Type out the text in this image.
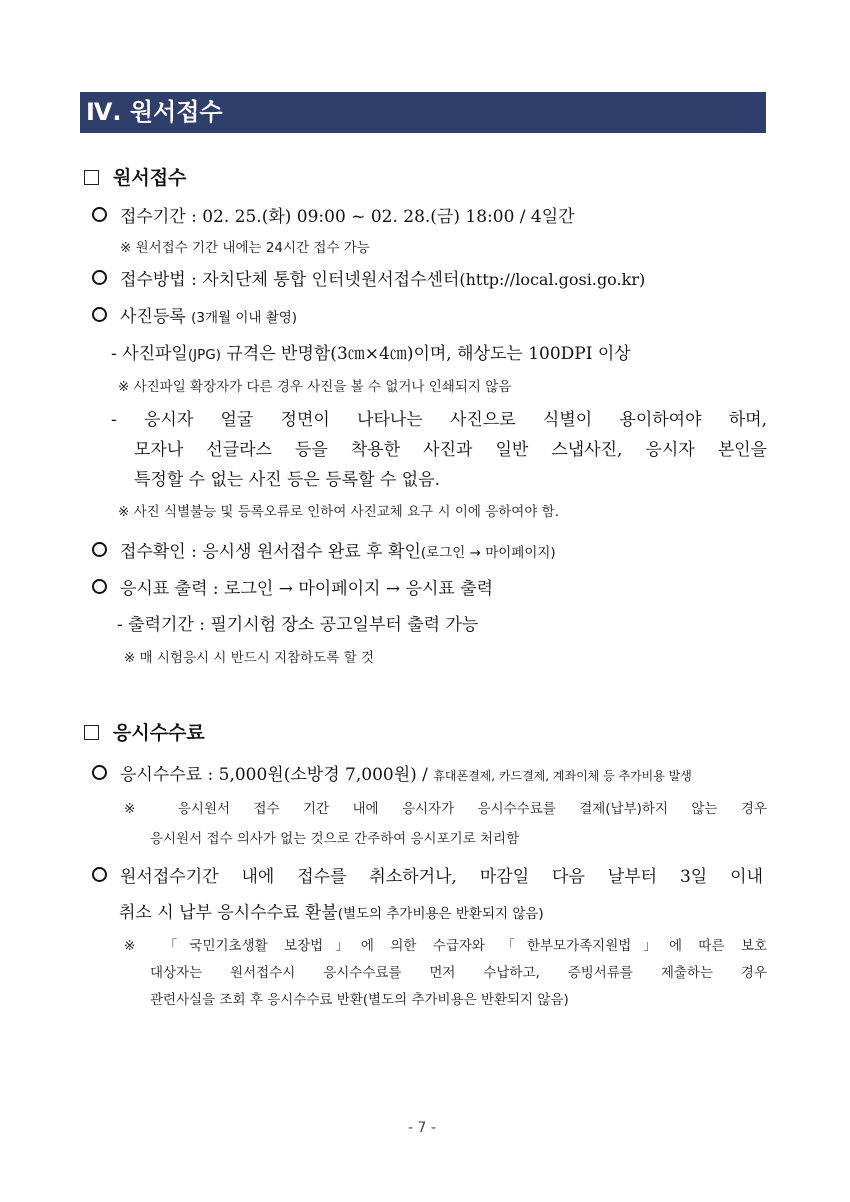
Ⅳ. 원서접수
원서접수
접수기간 : 02. 25.(화) 09:00 ~ 02. 28.(금) 18:00 / 4일간
※ 원서접수 기간 내에는 24시간 접수 가능
접수방법 : 자치단체 통합 인터넷원서접수센터(http://local.gosi.go.kr)
사진등록 (3개월 이내 촬영)
- 사진파일(JPG) 규격은 반명함(3㎝×4㎝)이며, 해상도는 100DPI 이상
※ 사진파일 확장자가 다른 경우 사진을 볼 수 없거나 인쇄되지 않음
- 응시자 얼굴 정면이 나타나는 사진으로 식별이 용이하여야 하며,
모자나 선글라스 등을 착용한 사진과 일반 스냅사진, 응시자 본인을
특정할 수 없는 사진 등은 등록할 수 없음.
※ 사진 식별불능 및 등록오류로 인하여 사진교체 요구 시 이에 응하여야 함.
접수확인 : 응시생 원서접수 완료 후 확인(로그인 → 마이페이지)
응시표 출력 : 로그인 → 마이페이지 → 응시표 출력
- 출력기간 : 필기시험 장소 공고일부터 출력 가능
※ 매 시험응시 시 반드시 지참하도록 할 것
응시수수료
응시수수료 : 5,000원(소방경 7,000원) / 휴대폰결제, 카드결제, 계좌이체 등 추가비용 발생
※ 응시원서 접수 기간 내에 응시자가 응시수수료를 결제(납부)하지 않는 경우
응시원서 접수 의사가 없는 것으로 간주하여 응시포기로 처리함
원서접수기간 내에 접수를 취소하거나, 마감일 다음 날부터 3일 이내
취소 시 납부 응시수수료 환불(별도의 추가비용은 반환되지 않음)
※ 「국민기초생활 보장법」에 의한 수급자와 「한부모가족지원법」에 따른 보호
대상자는 원서접수시 응시수수료를 먼저 수납하고, 증빙서류를 제출하는 경우
관련사실을 조회 후 응시수수료 반환(별도의 추가비용은 반환되지 않음)
- 7 -
